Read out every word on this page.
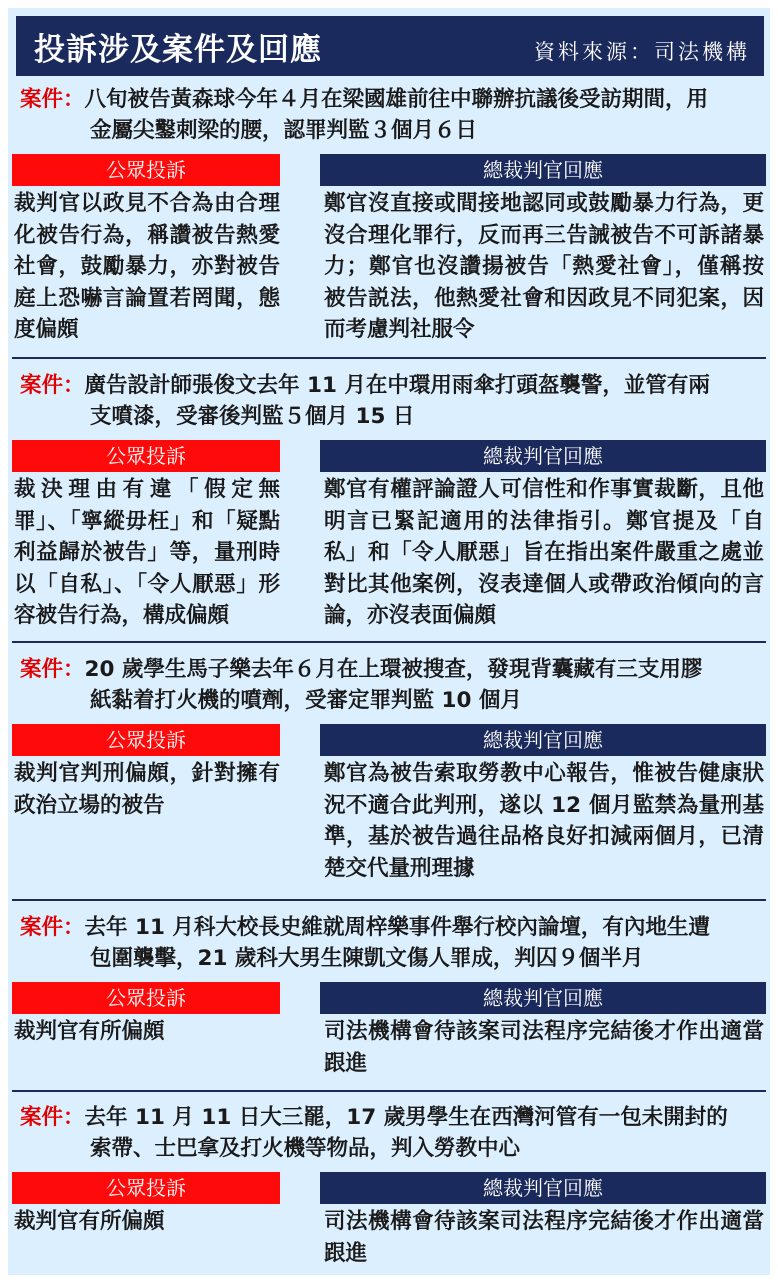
投訴涉及案件及回應	資料來源：司法機構
案件：八旬被告黃森球今年４月在梁國雄前往中聯辦抗議後受訪期間，用
金屬尖鑿刺梁的腰，認罪判監３個月６日
公眾投訴	總裁判官回應
裁判官以政見不合為由合理化被告行為，稱讚被告熱愛社會，鼓勵暴力，亦對被告庭上恐嚇言論置若罔聞，態度偏頗
鄭官沒直接或間接地認同或鼓勵暴力行為，更沒合理化罪行，反而再三告誡被告不可訴諸暴力；鄭官也沒讚揚被告「熱愛社會」，僅稱按被告説法，他熱愛社會和因政見不同犯案，因而考慮判社服令
案件：廣告設計師張俊文去年 11 月在中環用雨傘打頭盔襲警，並管有兩
支噴漆，受審後判監５個月 15 日
公眾投訴	總裁判官回應
裁決理由有違「假定無罪」、「寧縱毋枉」和「疑點利益歸於被告」等，量刑時以「自私」、「令人厭惡」形容被告行為，構成偏頗
鄭官有權評論證人可信性和作事實裁斷，且他明言已緊記適用的法律指引。鄭官提及「自私」和「令人厭惡」旨在指出案件嚴重之處並對比其他案例，沒表達個人或帶政治傾向的言論，亦沒表面偏頗
案件：20 歲學生馬子樂去年６月在上環被搜查，發現背囊藏有三支用膠
紙黏着打火機的噴劑，受審定罪判監 10 個月
公眾投訴	總裁判官回應
裁判官判刑偏頗，針對擁有政治立場的被告
鄭官為被告索取勞教中心報告，惟被告健康狀況不適合此判刑，遂以 12 個月監禁為量刑基準，基於被告過往品格良好扣減兩個月，已清楚交代量刑理據
案件：去年 11 月科大校長史維就周梓樂事件舉行校內論壇，有內地生遭
包圍襲擊，21 歲科大男生陳凱文傷人罪成，判囚９個半月
公眾投訴	總裁判官回應
裁判官有所偏頗	司法機構會待該案司法程序完結後才作出適當跟進
案件：去年 11 月 11 日大三罷，17 歲男學生在西灣河管有一包未開封的
索帶、士巴拿及打火機等物品，判入勞教中心
公眾投訴	總裁判官回應
裁判官有所偏頗	司法機構會待該案司法程序完結後才作出適當跟進
